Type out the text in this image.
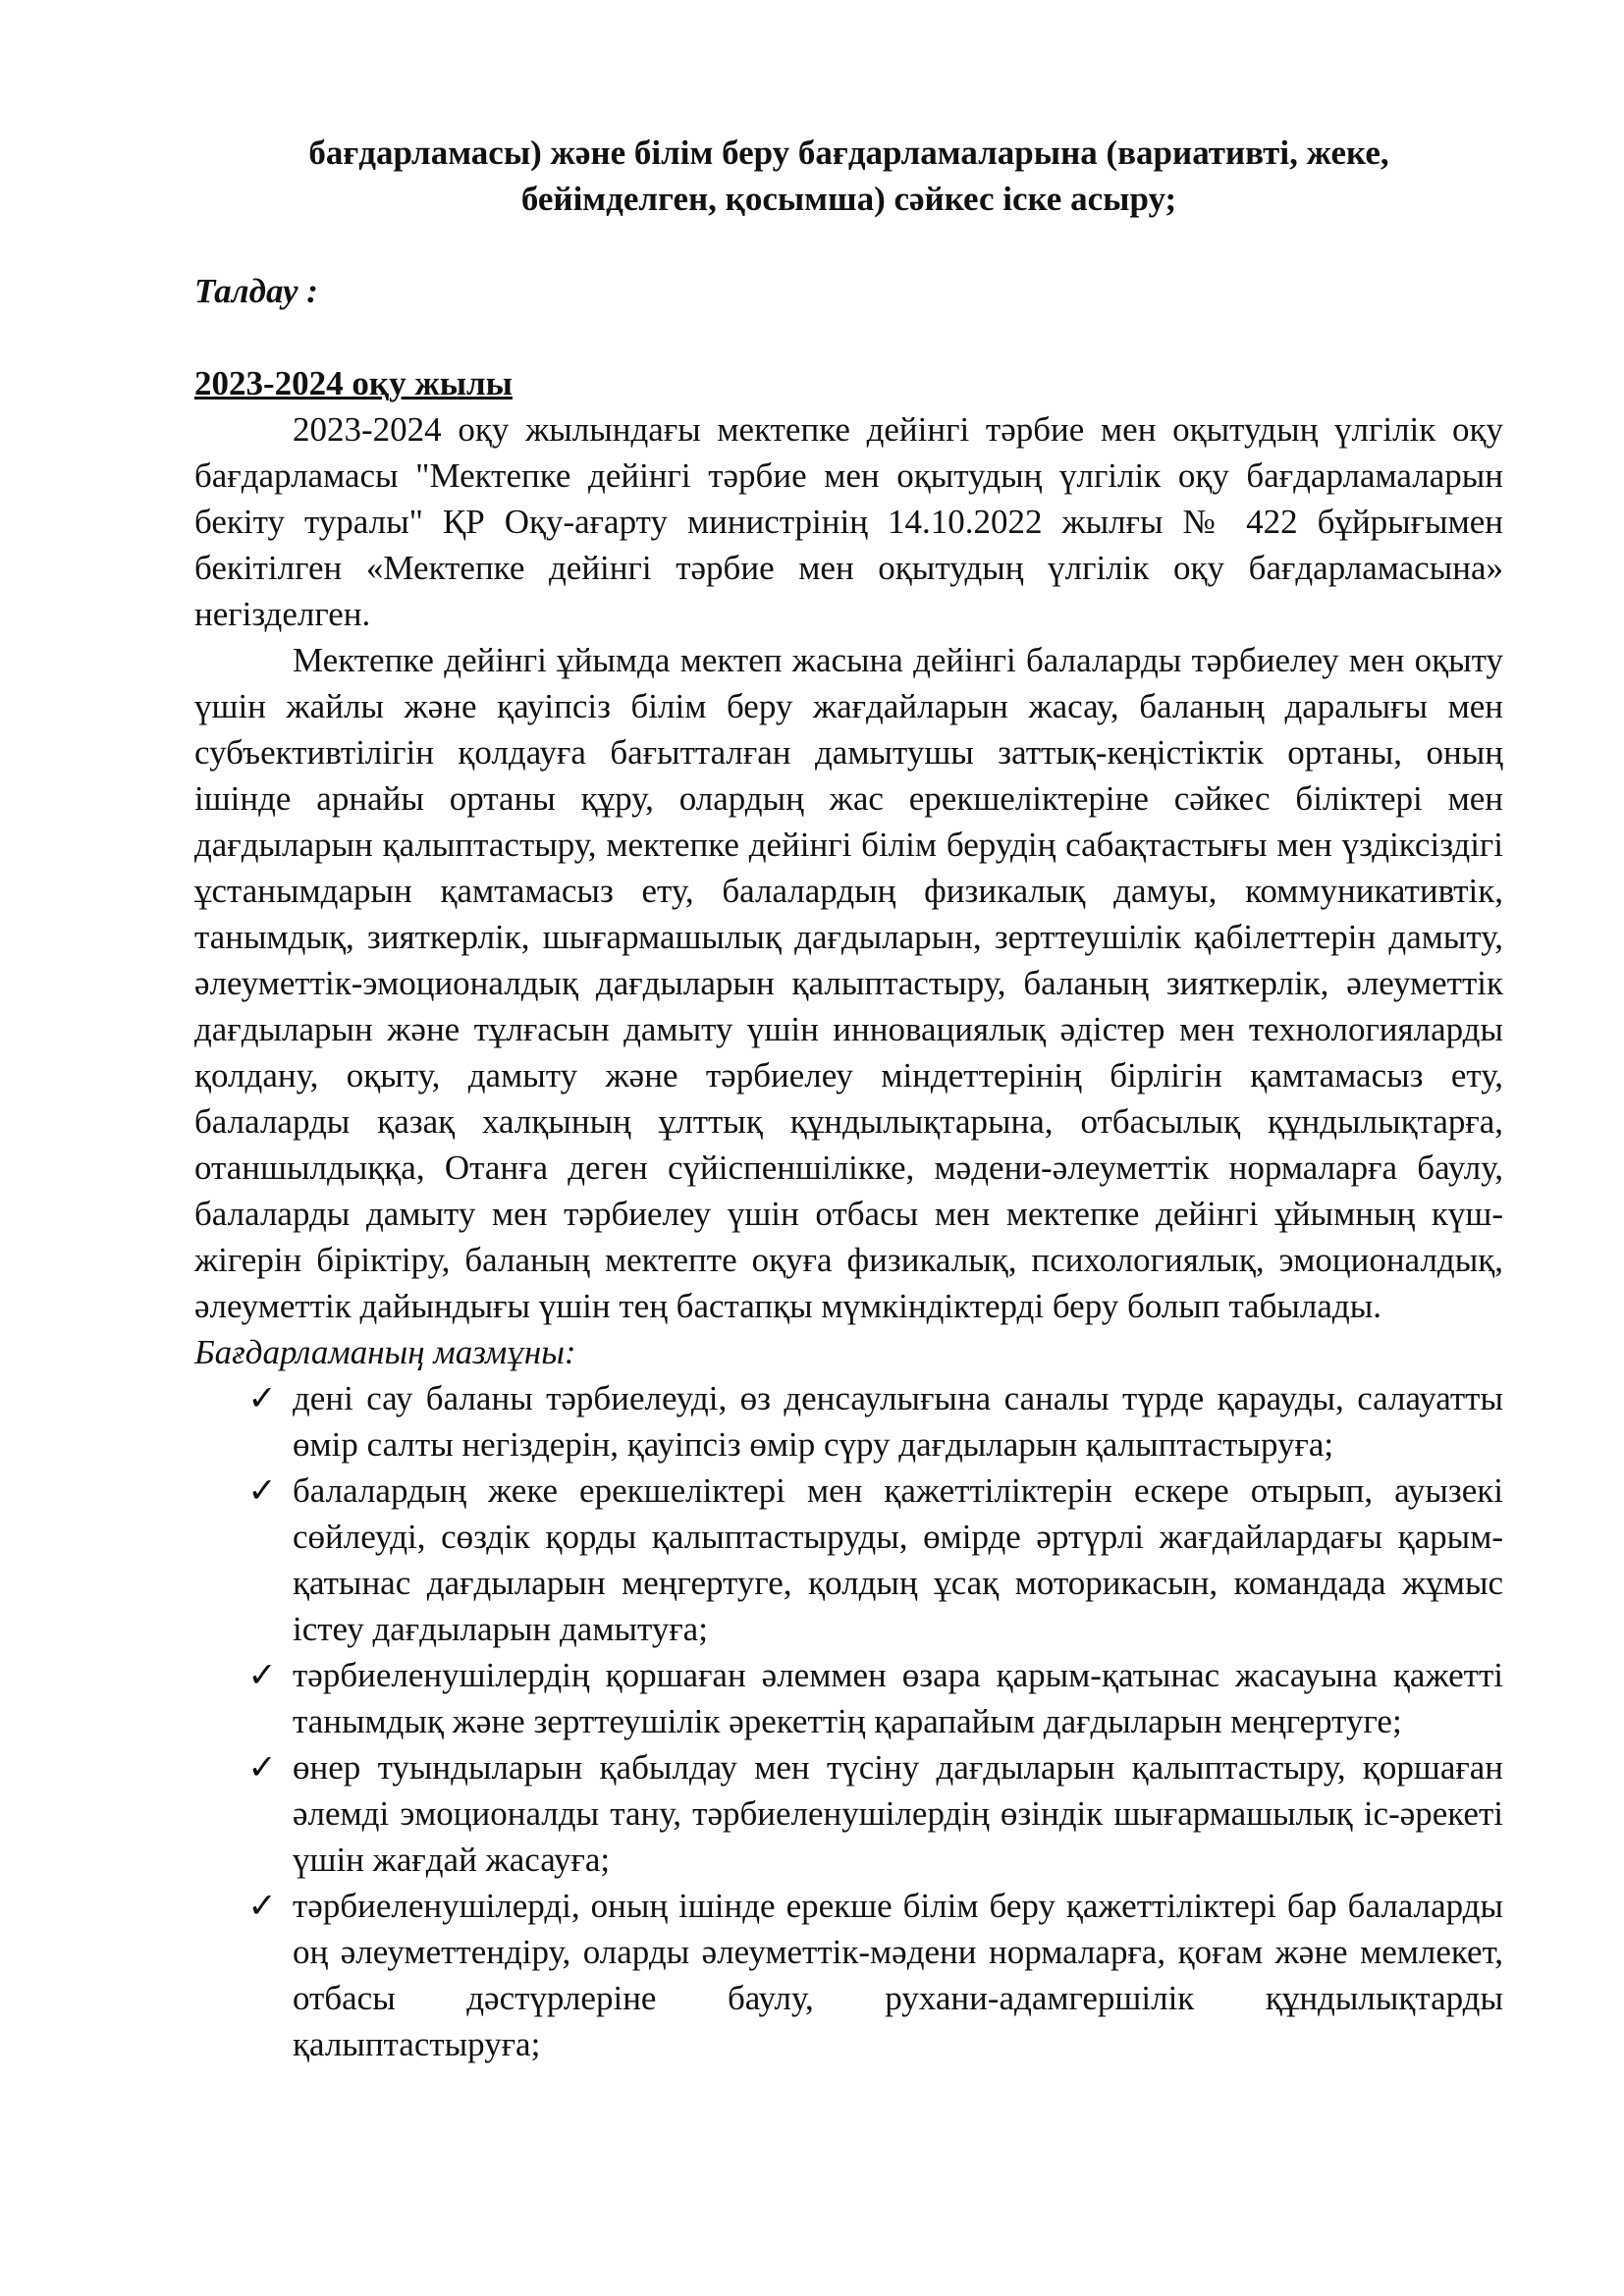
бағдарламасы) және білім беру бағдарламаларына (вариативті, жеке, бейімделген, қосымша) сәйкес іске асыру;

Талдау :

2023-2024 оқу жылы

2023-2024 оқу жылындағы мектепке дейінгі тәрбие мен оқытудың үлгілік оқу бағдарламасы "Мектепке дейінгі тәрбие мен оқытудың үлгілік оқу бағдарламаларын бекіту туралы" ҚР Оқу-ағарту министрінің 14.10.2022 жылғы № 422 бұйрығымен бекітілген «Мектепке дейінгі тәрбие мен оқытудың үлгілік оқу бағдарламасына» негізделген.

Мектепке дейінгі ұйымда мектеп жасына дейінгі балаларды тәрбиелеу мен оқыту үшін жайлы және қауіпсіз білім беру жағдайларын жасау, баланың даралығы мен субъективтілігін қолдауға бағытталған дамытушы заттық-кеңістіктік ортаны, оның ішінде арнайы ортаны құру, олардың жас ерекшеліктеріне сәйкес біліктері мен дағдыларын қалыптастыру, мектепке дейінгі білім берудің сабақтастығы мен үздіксіздігі ұстанымдарын қамтамасыз ету, балалардың физикалық дамуы, коммуникативтік, танымдық, зияткерлік, шығармашылық дағдыларын, зерттеушілік қабілеттерін дамыту, әлеуметтік-эмоционалдық дағдыларын қалыптастыру, баланың зияткерлік, әлеуметтік дағдыларын және тұлғасын дамыту үшін инновациялық әдістер мен технологияларды қолдану, оқыту, дамыту және тәрбиелеу міндеттерінің бірлігін қамтамасыз ету, балаларды қазақ халқының ұлттық құндылықтарына, отбасылық құндылықтарға, отаншылдыққа, Отанға деген сүйіспеншілікке, мәдени-әлеуметтік нормаларға баулу, балаларды дамыту мен тәрбиелеу үшін отбасы мен мектепке дейінгі ұйымның күш-жігерін біріктіру, баланың мектепте оқуға физикалық, психологиялық, эмоционалдық, әлеуметтік дайындығы үшін тең бастапқы мүмкіндіктерді беру болып табылады.

Бағдарламаның мазмұны:

✓ дені сау баланы тәрбиелеуді, өз денсаулығына саналы түрде қарауды, салауатты өмір салты негіздерін, қауіпсіз өмір сүру дағдыларын қалыптастыруға;
✓ балалардың жеке ерекшеліктері мен қажеттіліктерін ескере отырып, ауызекі сөйлеуді, сөздік қорды қалыптастыруды, өмірде әртүрлі жағдайлардағы қарым-қатынас дағдыларын меңгертуге, қолдың ұсақ моторикасын, командада жұмыс істеу дағдыларын дамытуға;
✓ тәрбиеленушілердің қоршаған әлеммен өзара қарым-қатынас жасауына қажетті танымдық және зерттеушілік әрекеттің қарапайым дағдыларын меңгертуге;
✓ өнер туындыларын қабылдау мен түсіну дағдыларын қалыптастыру, қоршаған әлемді эмоционалды тану, тәрбиеленушілердің өзіндік шығармашылық іс-әрекеті үшін жағдай жасауға;
✓ тәрбиеленушілерді, оның ішінде ерекше білім беру қажеттіліктері бар балаларды оң әлеуметтендіру, оларды әлеуметтік-мәдени нормаларға, қоғам және мемлекет, отбасы дәстүрлеріне баулу, рухани-адамгершілік құндылықтарды қалыптастыруға;
